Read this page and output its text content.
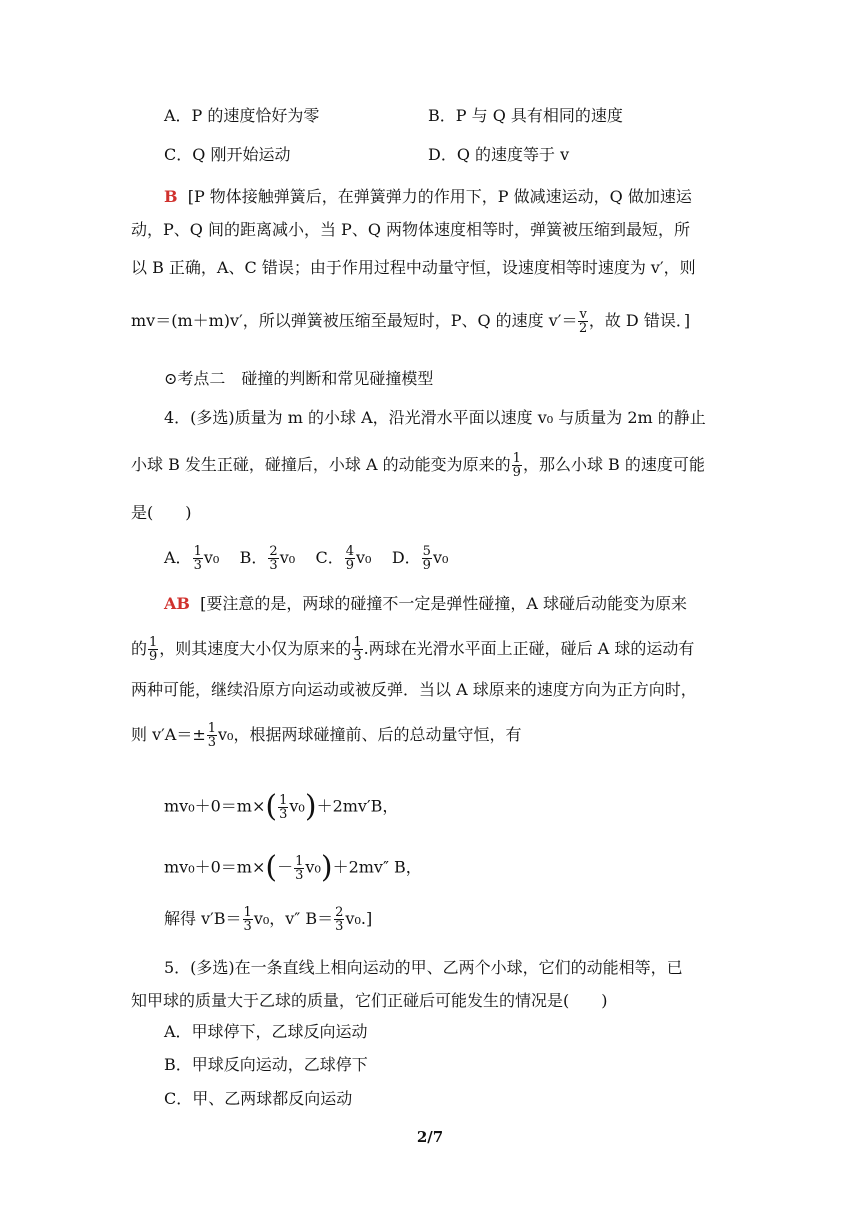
A．P 的速度恰好为零	B．P 与 Q 具有相同的速度
C．Q 刚开始运动	D．Q 的速度等于 v
B [P 物体接触弹簧后，在弹簧弹力的作用下，P 做减速运动，Q 做加速运
动，P、Q 间的距离减小，当 P、Q 两物体速度相等时，弹簧被压缩到最短，所
以 B 正确，A、C 错误；由于作用过程中动量守恒，设速度相等时速度为 v′，则
mv＝(m＋m)v′，所以弹簧被压缩至最短时，P、Q 的速度 $v'= \frac{v}{2}$ ，故 D 错误．]
⊙考点二　碰撞的判断和常见碰撞模型
4．(多选)质量为 m 的小球 A，沿光滑水平面以速度 v₀ 与质量为 2m 的静止
小球 B 发生正碰，碰撞后，小球 A 的动能变为原来的 $\frac{1}{9}$ ，那么小球 B 的速度可能
是(　　)
A． $\frac{1}{3} v_0$ B． $\frac{2}{3} v_0$ C． $\frac{4}{9} v_0$ D． $\frac{5}{9} v_0$
AB [要注意的是，两球的碰撞不一定是弹性碰撞，A 球碰后动能变为原来
的 $\frac{1}{9}$ ，则其速度大小仅为原来的 $\frac{1}{3}$ .两球在光滑水平面上正碰，碰后 A 球的运动有
两种可能，继续沿原方向运动或被反弹．当以 A 球原来的速度方向为正方向时，
则 $v'A=\pm \frac{1}{3} v_0$，根据两球碰撞前、后的总动量守恒，有
$mv_0+0=m\times( \frac{1}{3} v_0)+2mv'B$，
$mv_0+0=m\times(- \frac{1}{3} v_0)+2mv''$ B，
解得 $v'B= \frac{1}{3} v_0$，v″ $B= \frac{2}{3} v_0$.]
5．(多选)在一条直线上相向运动的甲、乙两个小球，它们的动能相等，已
知甲球的质量大于乙球的质量，它们正碰后可能发生的情况是(　　)
A．甲球停下，乙球反向运动
B．甲球反向运动，乙球停下
C．甲、乙两球都反向运动
2/7
